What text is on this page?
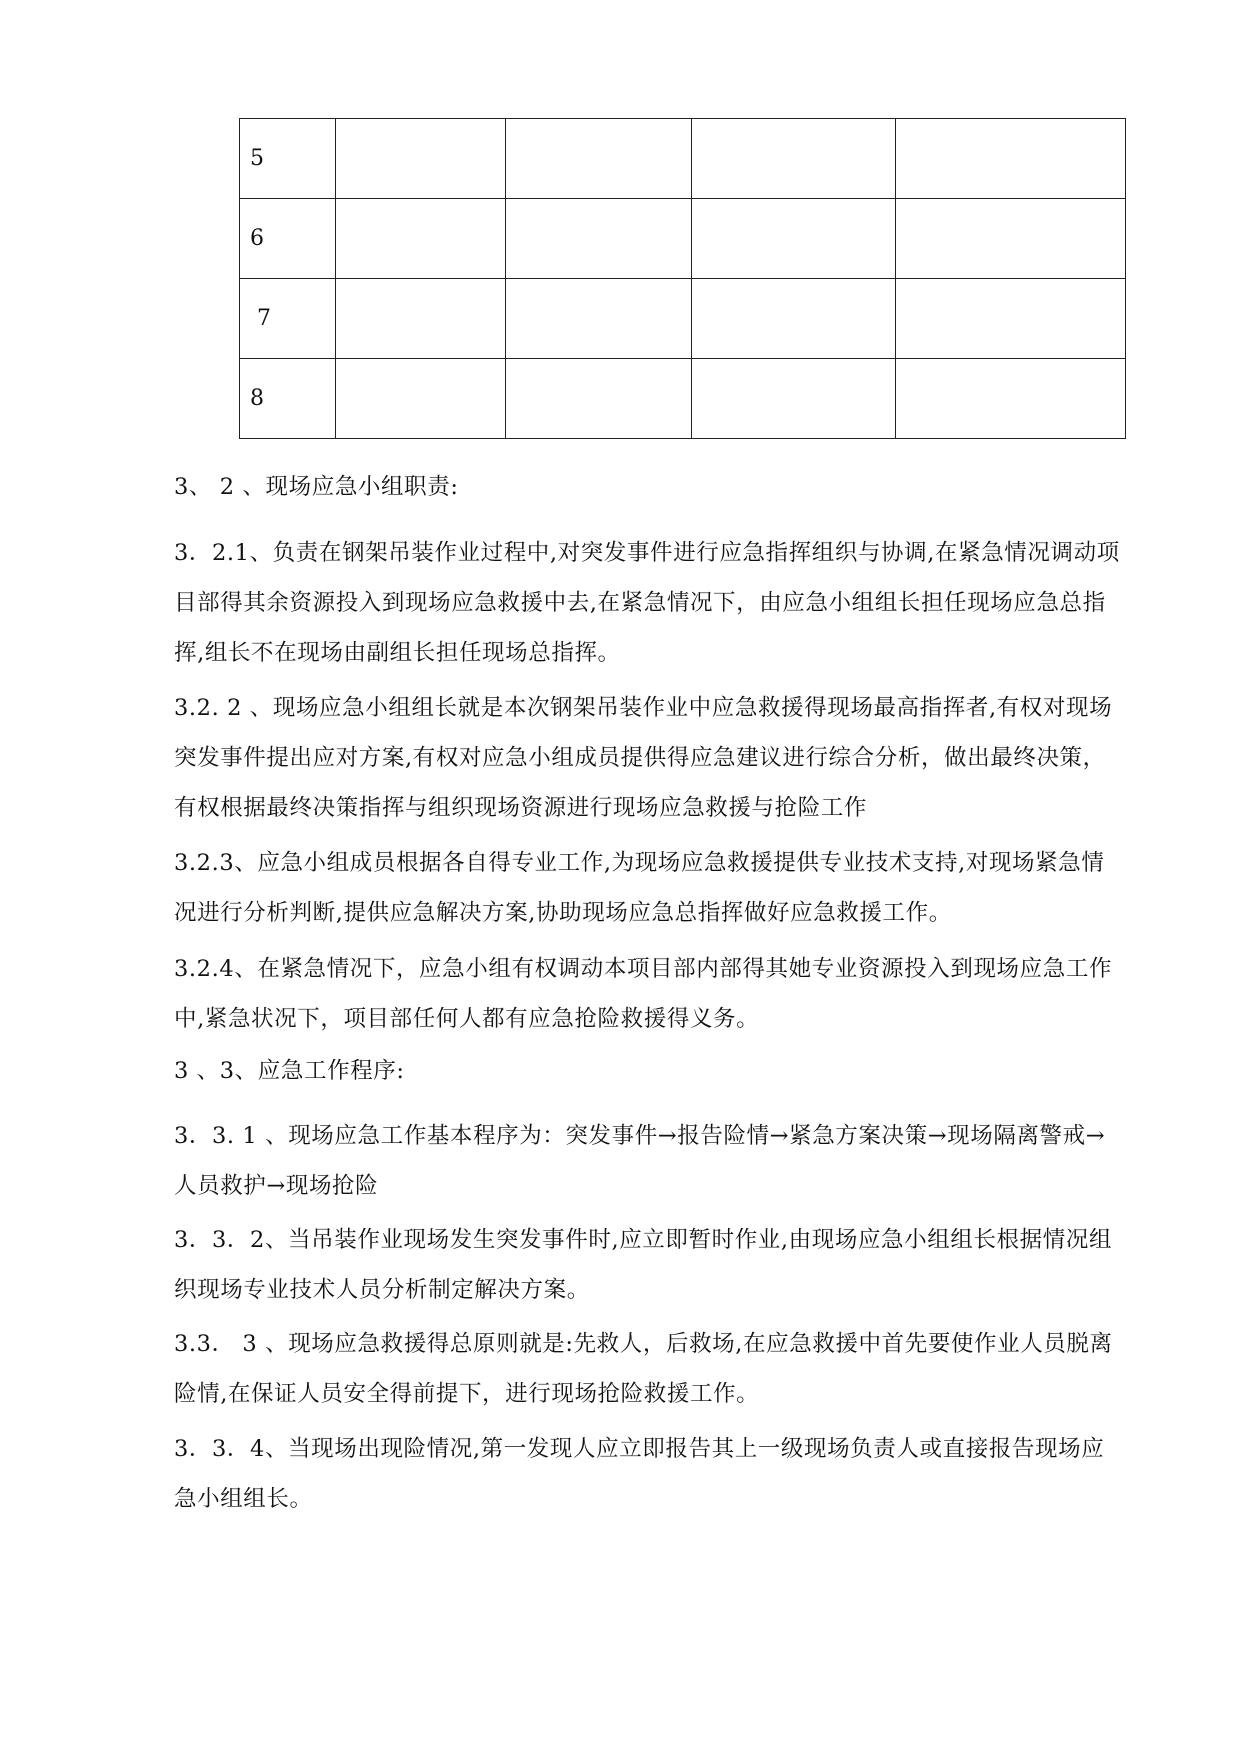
5				
6				
7				
8				

3、 2 、现场应急小组职责:

3．2.1、负责在钢架吊装作业过程中,对突发事件进行应急指挥组织与协调,在紧急情况调动项目部得其余资源投入到现场应急救援中去,在紧急情况下，由应急小组组长担任现场应急总指挥,组长不在现场由副组长担任现场总指挥。

3.2. 2 、现场应急小组组长就是本次钢架吊装作业中应急救援得现场最高指挥者,有权对现场突发事件提出应对方案,有权对应急小组成员提供得应急建议进行综合分析，做出最终决策，有权根据最终决策指挥与组织现场资源进行现场应急救援与抢险工作

3.2.3、应急小组成员根据各自得专业工作,为现场应急救援提供专业技术支持,对现场紧急情况进行分析判断,提供应急解决方案,协助现场应急总指挥做好应急救援工作。

3.2.4、在紧急情况下，应急小组有权调动本项目部内部得其她专业资源投入到现场应急工作中,紧急状况下，项目部任何人都有应急抢险救援得义务。

3 、3、应急工作程序:

3．3. 1 、现场应急工作基本程序为：突发事件→报告险情→紧急方案决策→现场隔离警戒→人员救护→现场抢险

3．3．2、当吊装作业现场发生突发事件时,应立即暂时作业,由现场应急小组组长根据情况组织现场专业技术人员分析制定解决方案。

3.3． 3 、现场应急救援得总原则就是:先救人，后救场,在应急救援中首先要使作业人员脱离险情,在保证人员安全得前提下，进行现场抢险救援工作。

3．3．4、当现场出现险情况,第一发现人应立即报告其上一级现场负责人或直接报告现场应急小组组长。
